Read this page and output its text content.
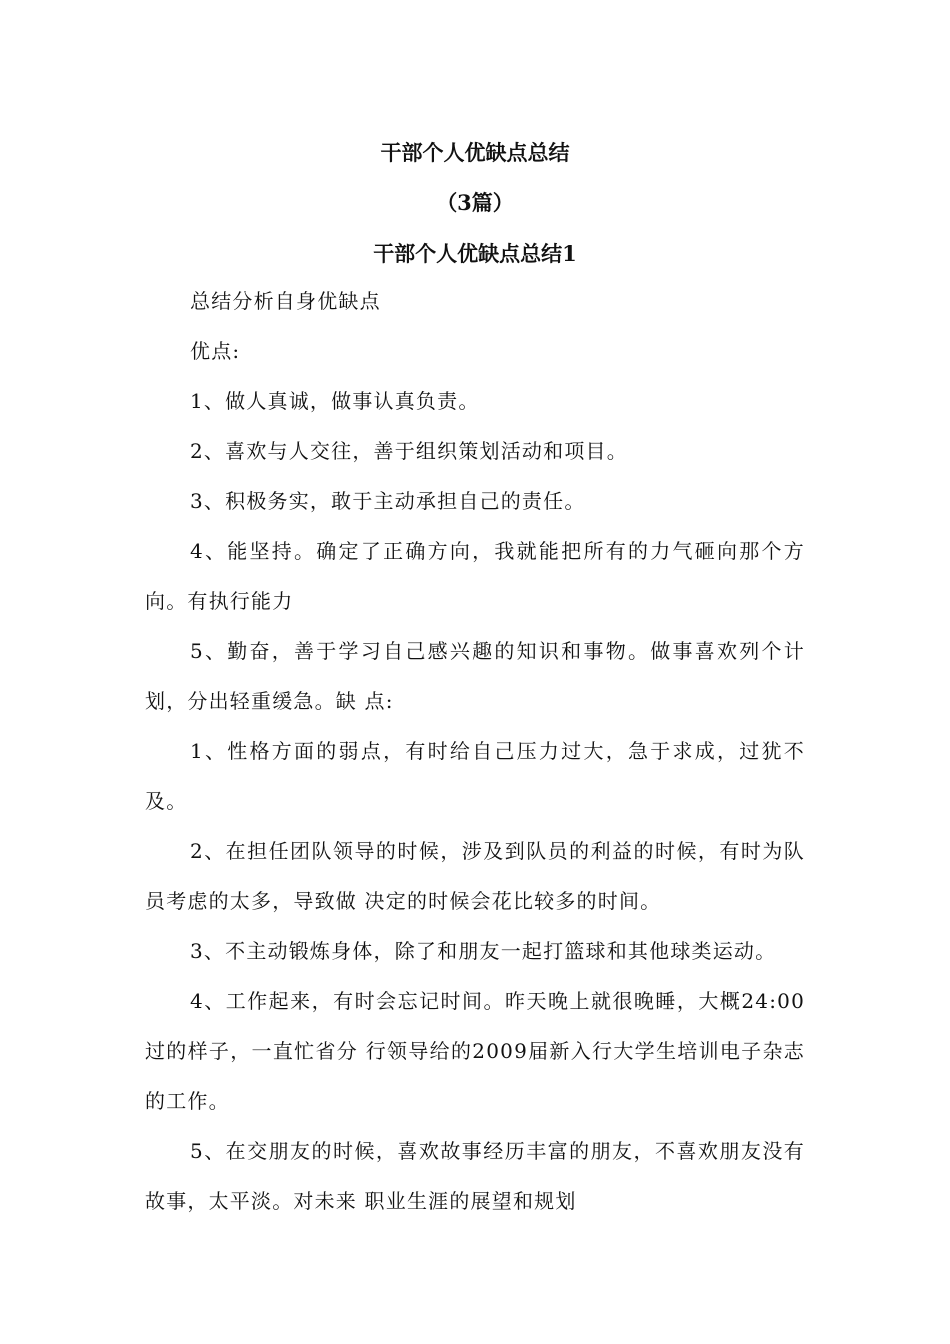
干部个人优缺点总结
（3篇）
干部个人优缺点总结1
总结分析自身优缺点
优点:
1、做人真诚，做事认真负责。
2、喜欢与人交往，善于组织策划活动和项目。
3、积极务实，敢于主动承担自己的责任。
4、能坚持。确定了正确方向，我就能把所有的力气砸向那个方向。有执行能力
5、勤奋，善于学习自己感兴趣的知识和事物。做事喜欢列个计划，分出轻重缓急。缺 点:
1、性格方面的弱点，有时给自己压力过大，急于求成，过犹不及。
2、在担任团队领导的时候，涉及到队员的利益的时候，有时为队员考虑的太多，导致做 决定的时候会花比较多的时间。
3、不主动锻炼身体，除了和朋友一起打篮球和其他球类运动。
4、工作起来，有时会忘记时间。昨天晚上就很晚睡，大概24:00过的样子，一直忙省分 行领导给的2009届新入行大学生培训电子杂志的工作。
5、在交朋友的时候，喜欢故事经历丰富的朋友，不喜欢朋友没有故事，太平淡。对未来 职业生涯的展望和规划
